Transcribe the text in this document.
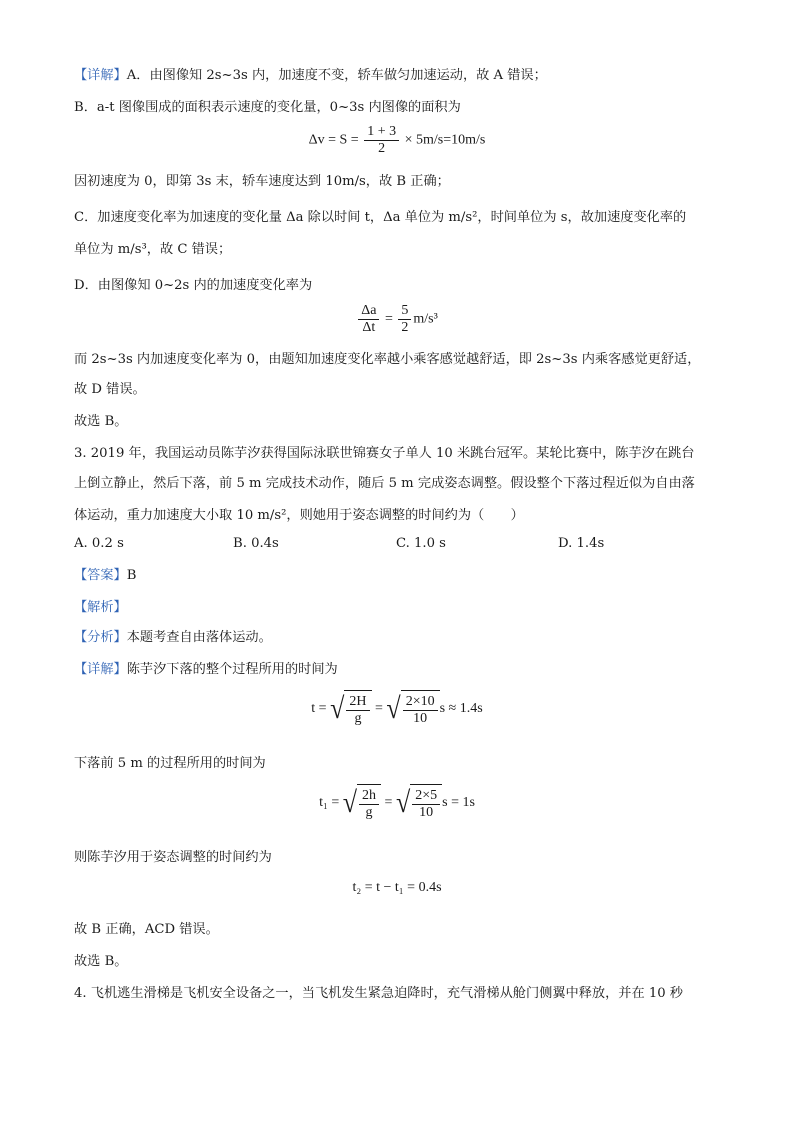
【详解】A．由图像知 2s~3s 内，加速度不变，轿车做匀加速运动，故 A 错误；
B．a-t 图像围成的面积表示速度的变化量，0~3s 内图像的面积为
$\Delta v = S = \frac{1 + 3}{2} \times 5m/s=10m/s$
因初速度为 0，即第 3s 末，轿车速度达到 10m/s，故 B 正确；
C．加速度变化率为加速度的变化量 Δa 除以时间 t，Δa 单位为 m/s²，时间单位为 s，故加速度变化率的
单位为 m/s³，故 C 错误；
D．由图像知 0~2s 内的加速度变化率为
$\frac{\Delta a}{\Delta t} = \frac{5}{2} m/s^3$
而 2s~3s 内加速度变化率为 0，由题知加速度变化率越小乘客感觉越舒适，即 2s~3s 内乘客感觉更舒适，
故 D 错误。
故选 B。
3. 2019 年，我国运动员陈芋汐获得国际泳联世锦赛女子单人 10 米跳台冠军。某轮比赛中，陈芋汐在跳台
上倒立静止，然后下落，前 5 m 完成技术动作，随后 5 m 完成姿态调整。假设整个下落过程近似为自由落
体运动，重力加速度大小取 10 m/s²，则她用于姿态调整的时间约为（　　）
A. 0.2 s	B. 0.4s	C. 1.0 s	D. 1.4s
【答案】B
【解析】
【分析】本题考查自由落体运动。
【详解】陈芋汐下落的整个过程所用的时间为
t = √ $\frac{2H}{g}$ = √ $\frac{2\times 10}{10}$ s ≈ 1.4s
下落前 5 m 的过程所用的时间为
t₁ = √ $\frac{2h}{g}$ = √ $\frac{2\times 5}{10}$ s = 1s
则陈芋汐用于姿态调整的时间约为
t₂ = t − t₁ = 0.4s
故 B 正确，ACD 错误。
故选 B。
4. 飞机逃生滑梯是飞机安全设备之一，当飞机发生紧急迫降时，充气滑梯从舱门侧翼中释放，并在 10 秒
